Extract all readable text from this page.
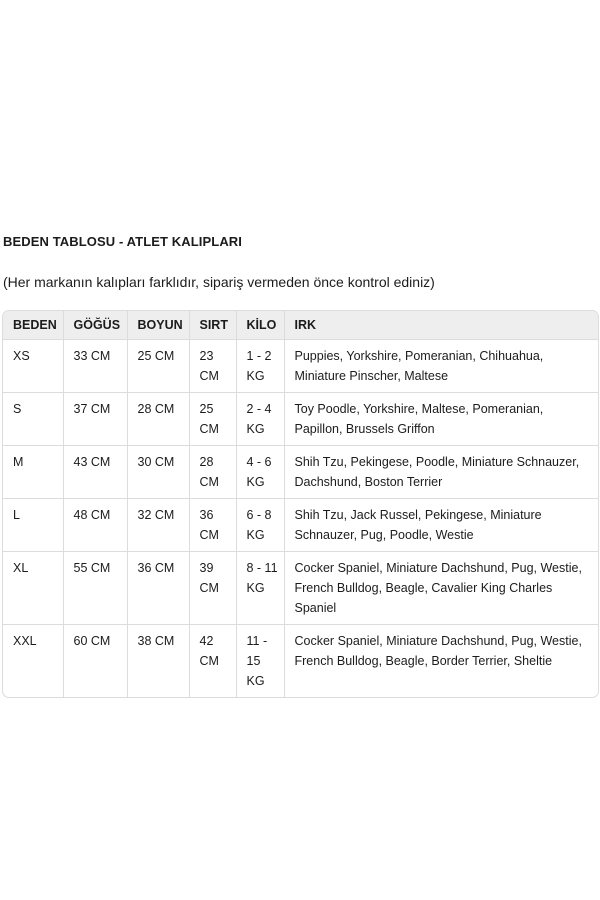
BEDEN TABLOSU - ATLET KALIPLARI

(Her markanın kalıpları farklıdır, sipariş vermeden önce kontrol ediniz)

BEDEN	GÖĞÜS	BOYUN	SIRT	KİLO	IRK
XS	33 CM	25 CM	23 CM	1 - 2 KG	Puppies, Yorkshire, Pomeranian, Chihuahua, Miniature Pinscher, Maltese
S	37 CM	28 CM	25 CM	2 - 4 KG	Toy Poodle, Yorkshire, Maltese, Pomeranian, Papillon, Brussels Griffon
M	43 CM	30 CM	28 CM	4 - 6 KG	Shih Tzu, Pekingese, Poodle, Miniature Schnauzer, Dachshund, Boston Terrier
L	48 CM	32 CM	36 CM	6 - 8 KG	Shih Tzu, Jack Russel, Pekingese, Miniature Schnauzer, Pug, Poodle, Westie
XL	55 CM	36 CM	39 CM	8 - 11 KG	Cocker Spaniel, Miniature Dachshund, Pug, Westie, French Bulldog, Beagle, Cavalier King Charles Spaniel
XXL	60 CM	38 CM	42 CM	11 - 15 KG	Cocker Spaniel, Miniature Dachshund, Pug, Westie, French Bulldog, Beagle, Border Terrier, Sheltie
